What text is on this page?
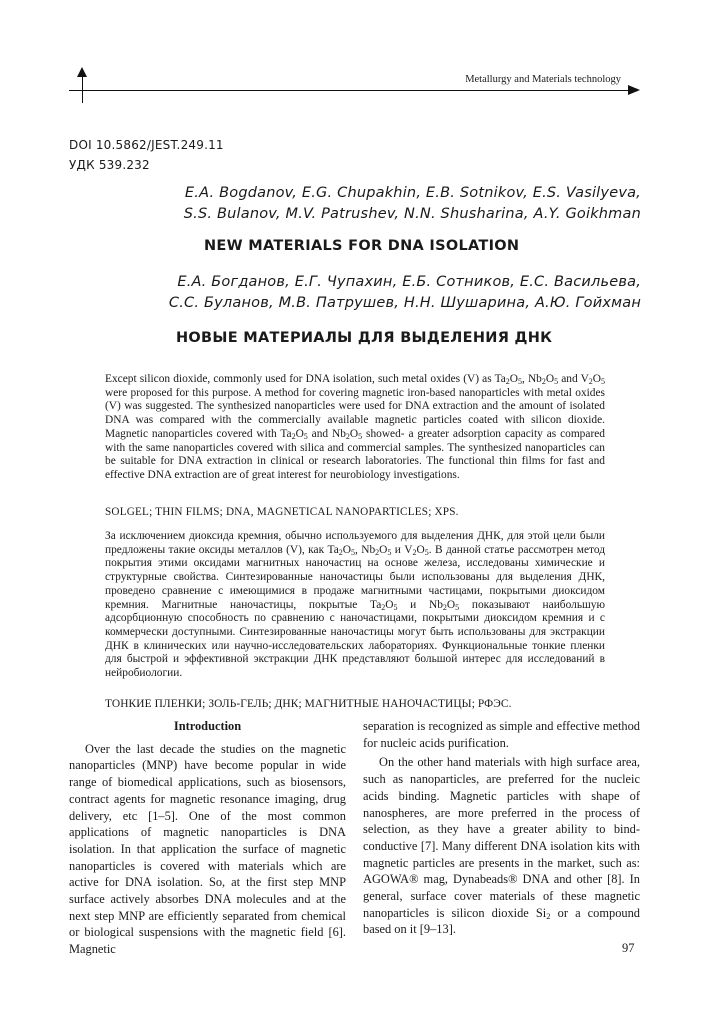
Metallurgy and Materials technology
DOI 10.5862/JEST.249.11
УДК 539.232
E.A. Bogdanov, E.G. Chupakhin, E.B. Sotnikov, E.S. Vasilyeva,
S.S. Bulanov, M.V. Patrushev, N.N. Shusharina, A.Y. Goikhman
NEW MATERIALS FOR DNA ISOLATION
Е.А. Богданов, Е.Г. Чупахин, Е.Б. Сотников, Е.С. Васильева,
С.С. Буланов, М.В. Патрушев, Н.Н. Шушарина, А.Ю. Гойхман
НОВЫЕ МАТЕРИАЛЫ ДЛЯ ВЫДЕЛЕНИЯ ДНК
Except silicon dioxide, commonly used for DNA isolation, such metal oxides (V) as $Ta_2O_5$, $Nb_2O_5$ and $V_2O_5$ were proposed for this purpose. A method for covering magnetic iron-based nanoparticles with metal oxides (V) was suggested. The synthesized nanoparticles were used for DNA extraction and the amount of isolated DNA was compared with the commercially available magnetic particles coated with silicon dioxide. Magnetic nanoparticles covered with $Ta_2O_5$ and $Nb_2O_5$ showed- a greater adsorption capacity as compared with the same nanoparticles covered with silica and commercial samples. The synthesized nanoparticles can be suitable for DNA extraction in clinical or research laboratories. The functional thin films for fast and effective DNA extraction are of great interest for neurobiology investigations.
SOLGEL; THIN FILMS; DNA, MAGNETICAL NANOPARTICLES; XPS.
За исключением диоксида кремния, обычно используемого для выделения ДНК, для этой цели были предложены такие оксиды металлов (V), как $Ta_2O_5$, $Nb_2O_5$ и $V_2O_5$. В данной статье рассмотрен метод покрытия этими оксидами магнитных наночастиц на основе железа, исследованы химические и структурные свойства. Синтезированные наночастицы были использованы для выделения ДНК, проведено сравнение с имеющимися в продаже магнитными частицами, покрытыми диоксидом кремния. Магнитные наночастицы, покрытые $Ta_2O_5$ и $Nb_2O_5$ показывают наибольшую адсорбционную способность по сравнению с наночастицами, покрытыми диоксидом кремния и с коммерчески доступными. Синтезированные наночастицы могут быть использованы для экстракции ДНК в клинических или научно-исследовательских лабораториях. Функциональные тонкие пленки для быстрой и эффективной экстракции ДНК представляют большой интерес для исследований в нейробиологии.
ТОНКИЕ ПЛЕНКИ; ЗОЛЬ-ГЕЛЬ; ДНК; МАГНИТНЫЕ НАНОЧАСТИЦЫ; РФЭС.
Introduction

Over the last decade the studies on the magnetic nanoparticles (MNP) have become popular in wide range of biomedical applications, such as biosensors, contract agents for magnetic resonance imaging, drug delivery, etc [1–5]. One of the most common applications of magnetic nanoparticles is DNA isolation. In that application the surface of magnetic nanoparticles is covered with materials which are active for DNA isolation. So, at the first step MNP surface actively absorbes DNA molecules and at the next step MNP are efficiently separated from chemical or biological suspensions with the magnetic field [6]. Magnetic

separation is recognized as simple and effective method for nucleic acids purification.

On the other hand materials with high surface area, such as nanoparticles, are preferred for the nucleic acids binding. Magnetic particles with shape of nanospheres, are more preferred in the process of selection, as they have a greater ability to bind-conductive [7]. Many different DNA isolation kits with magnetic particles are presents in the market, such as: AGOWA® mag, Dynabeads® DNA and other [8]. In general, surface cover materials of these magnetic nanoparticles is silicon dioxide $Si_2$ or a compound based on it [9–13].

97
